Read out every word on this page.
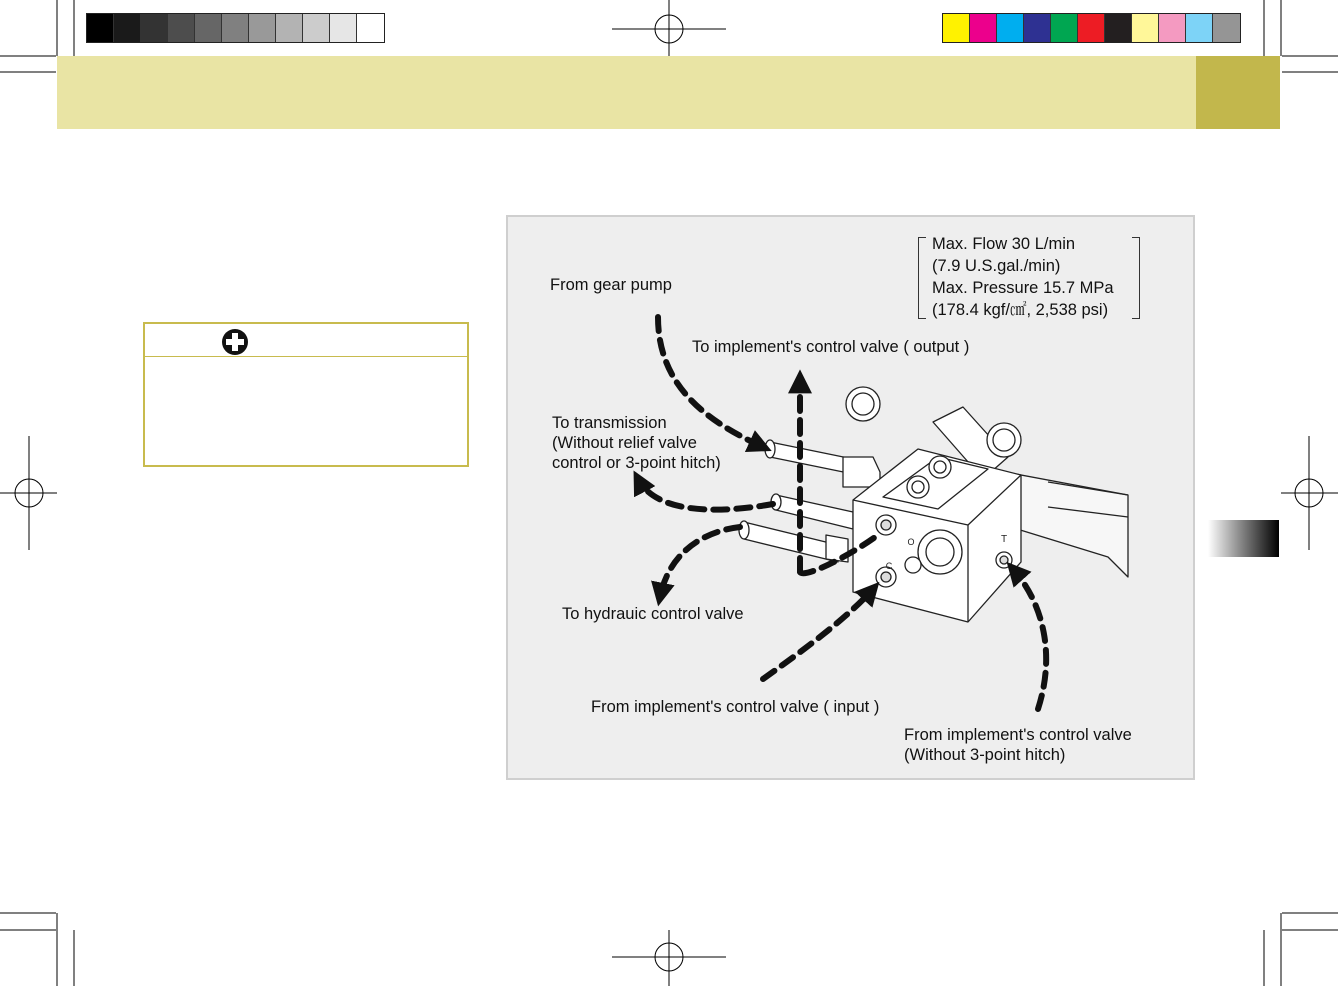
T
C
O
Max. Flow 30 L/min
(7.9 U.S.gal./min)
Max. Pressure 15.7 MPa
(178.4 kgf/㎠, 2,538 psi)
From gear pump
To implement's control valve ( output )
To transmission
(Without relief valve
control or 3-point hitch)
To hydrauic control valve
From implement's control valve ( input )
From implement's control valve
(Without 3-point hitch)
